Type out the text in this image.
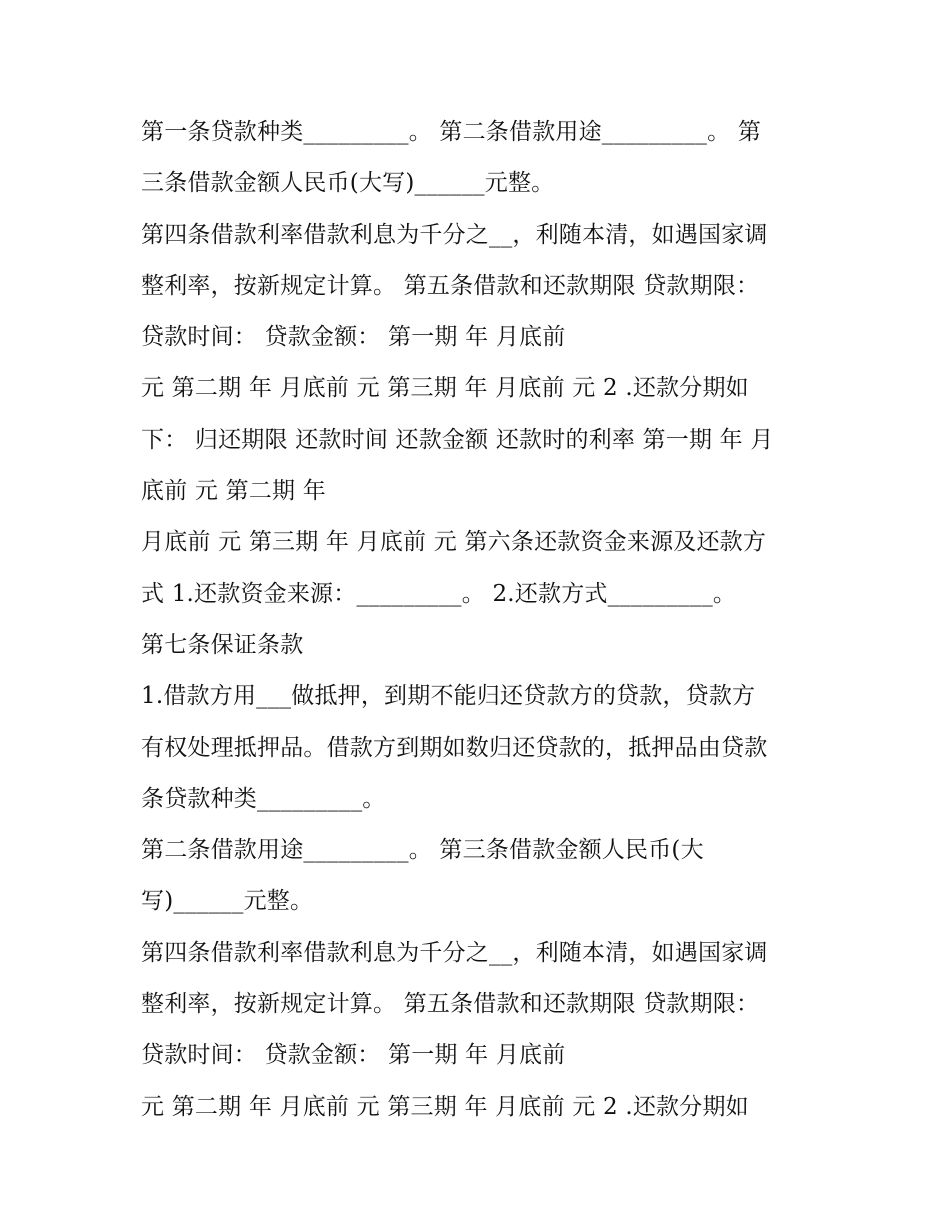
第一条贷款种类_________。 第二条借款用途_________。 第
三条借款金额人民币(大写)______元整。
第四条借款利率借款利息为千分之__，利随本清，如遇国家调
整利率，按新规定计算。 第五条借款和还款期限 贷款期限：
贷款时间： 贷款金额： 第一期 年 月底前
元 第二期 年 月底前 元 第三期 年 月底前 元 2 .还款分期如
下： 归还期限 还款时间 还款金额 还款时的利率 第一期 年 月
底前 元 第二期 年
月底前 元 第三期 年 月底前 元 第六条还款资金来源及还款方
式 1.还款资金来源：_________。 2.还款方式_________。
第七条保证条款
1.借款方用___做抵押，到期不能归还贷款方的贷款，贷款方
有权处理抵押品。借款方到期如数归还贷款的，抵押品由贷款
条贷款种类_________。
第二条借款用途_________。 第三条借款金额人民币(大
写)______元整。
第四条借款利率借款利息为千分之__，利随本清，如遇国家调
整利率，按新规定计算。 第五条借款和还款期限 贷款期限：
贷款时间： 贷款金额： 第一期 年 月底前
元 第二期 年 月底前 元 第三期 年 月底前 元 2 .还款分期如
